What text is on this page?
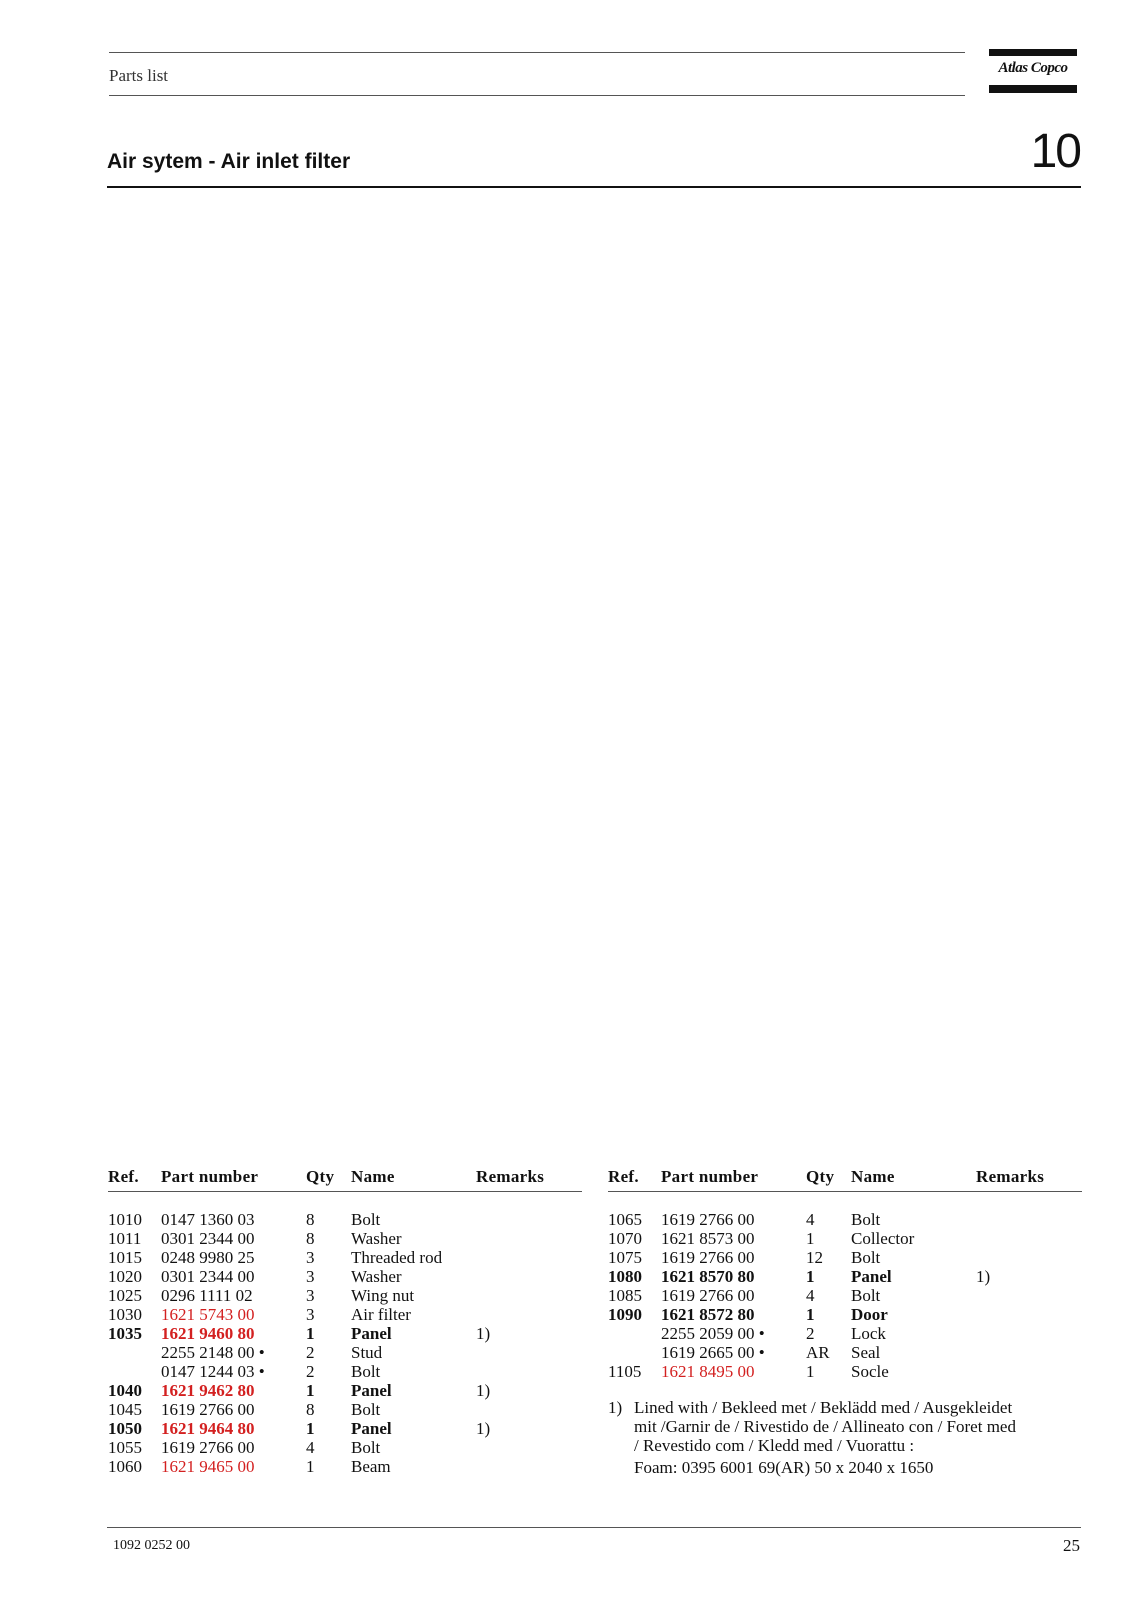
Parts list	Atlas Copco
Air sytem - Air inlet filter	10
Ref.	Part number	Qty	Name	Remarks
1010	0147 1360 03	8	Bolt	
1011	0301 2344 00	8	Washer	
1015	0248 9980 25	3	Threaded rod	
1020	0301 2344 00	3	Washer	
1025	0296 1111 02	3	Wing nut	
1030	1621 5743 00	3	Air filter	
1035	1621 9460 80	1	Panel	1)
	2255 2148 00 •	2	Stud	
	0147 1244 03 •	2	Bolt	
1040	1621 9462 80	1	Panel	1)
1045	1619 2766 00	8	Bolt	
1050	1621 9464 80	1	Panel	1)
1055	1619 2766 00	4	Bolt	
1060	1621 9465 00	1	Beam	
Ref.	Part number	Qty	Name	Remarks
1065	1619 2766 00	4	Bolt	
1070	1621 8573 00	1	Collector	
1075	1619 2766 00	12	Bolt	
1080	1621 8570 80	1	Panel	1)
1085	1619 2766 00	4	Bolt	
1090	1621 8572 80	1	Door	
	2255 2059 00 •	2	Lock	
	1619 2665 00 •	AR	Seal	
1105	1621 8495 00	1	Socle	
1) Lined with / Bekleed met / Beklädd med / Ausgekleidet
mit /Garnir de / Rivestido de / Allineato con / Foret med
/ Revestido com / Kledd med / Vuorattu :
Foam: 0395 6001 69(AR) 50 x 2040 x 1650
1092 0252 00	25
